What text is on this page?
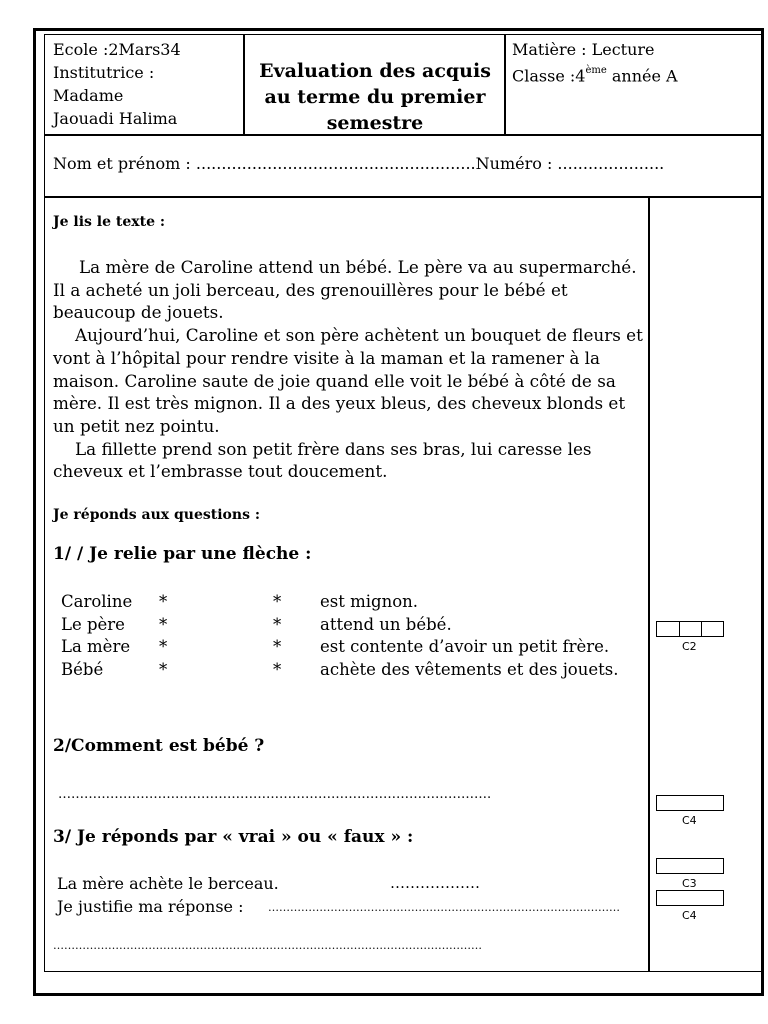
Ecole :2Mars34
Institutrice :
Madame
Jaouadi Halima
Evaluation des acquis
au terme du premier
semestre
Matière : Lecture
Classe :4ème année A
Nom et prénom : .......................................................Numéro : .....................
Je lis le texte :

La mère de Caroline attend un bébé. Le père va au supermarché. Il a acheté un joli berceau, des grenouillères pour le bébé et beaucoup de jouets.

Aujourd’hui, Caroline et son père achètent un bouquet de fleurs et vont à l’hôpital pour rendre visite à la maman et la ramener à la maison. Caroline saute de joie quand elle voit le bébé à côté de sa mère. Il est très mignon. Il a des yeux bleus, des cheveux blonds et un petit nez pointu.

La fillette prend son petit frère dans ses bras, lui caresse les cheveux et l’embrasse tout doucement.

Je réponds aux questions :
1/ / Je relie par une flèche :
Caroline
Le père
La mère
Bébé
*
*
*
*
*
*
*
*
est mignon.
attend un bébé.
est contente d’avoir un petit frère.
achète des vêtements et des jouets.
C2
2/Comment est bébé ?
……………………………………………………………………………………….
C4
3/ Je réponds par « vrai » ou « faux » :
La mère achète le berceau.	………………
Je justifie ma réponse : ……………………………………………………………………………………
………………………………………………………………………………………………………
C3
C4
